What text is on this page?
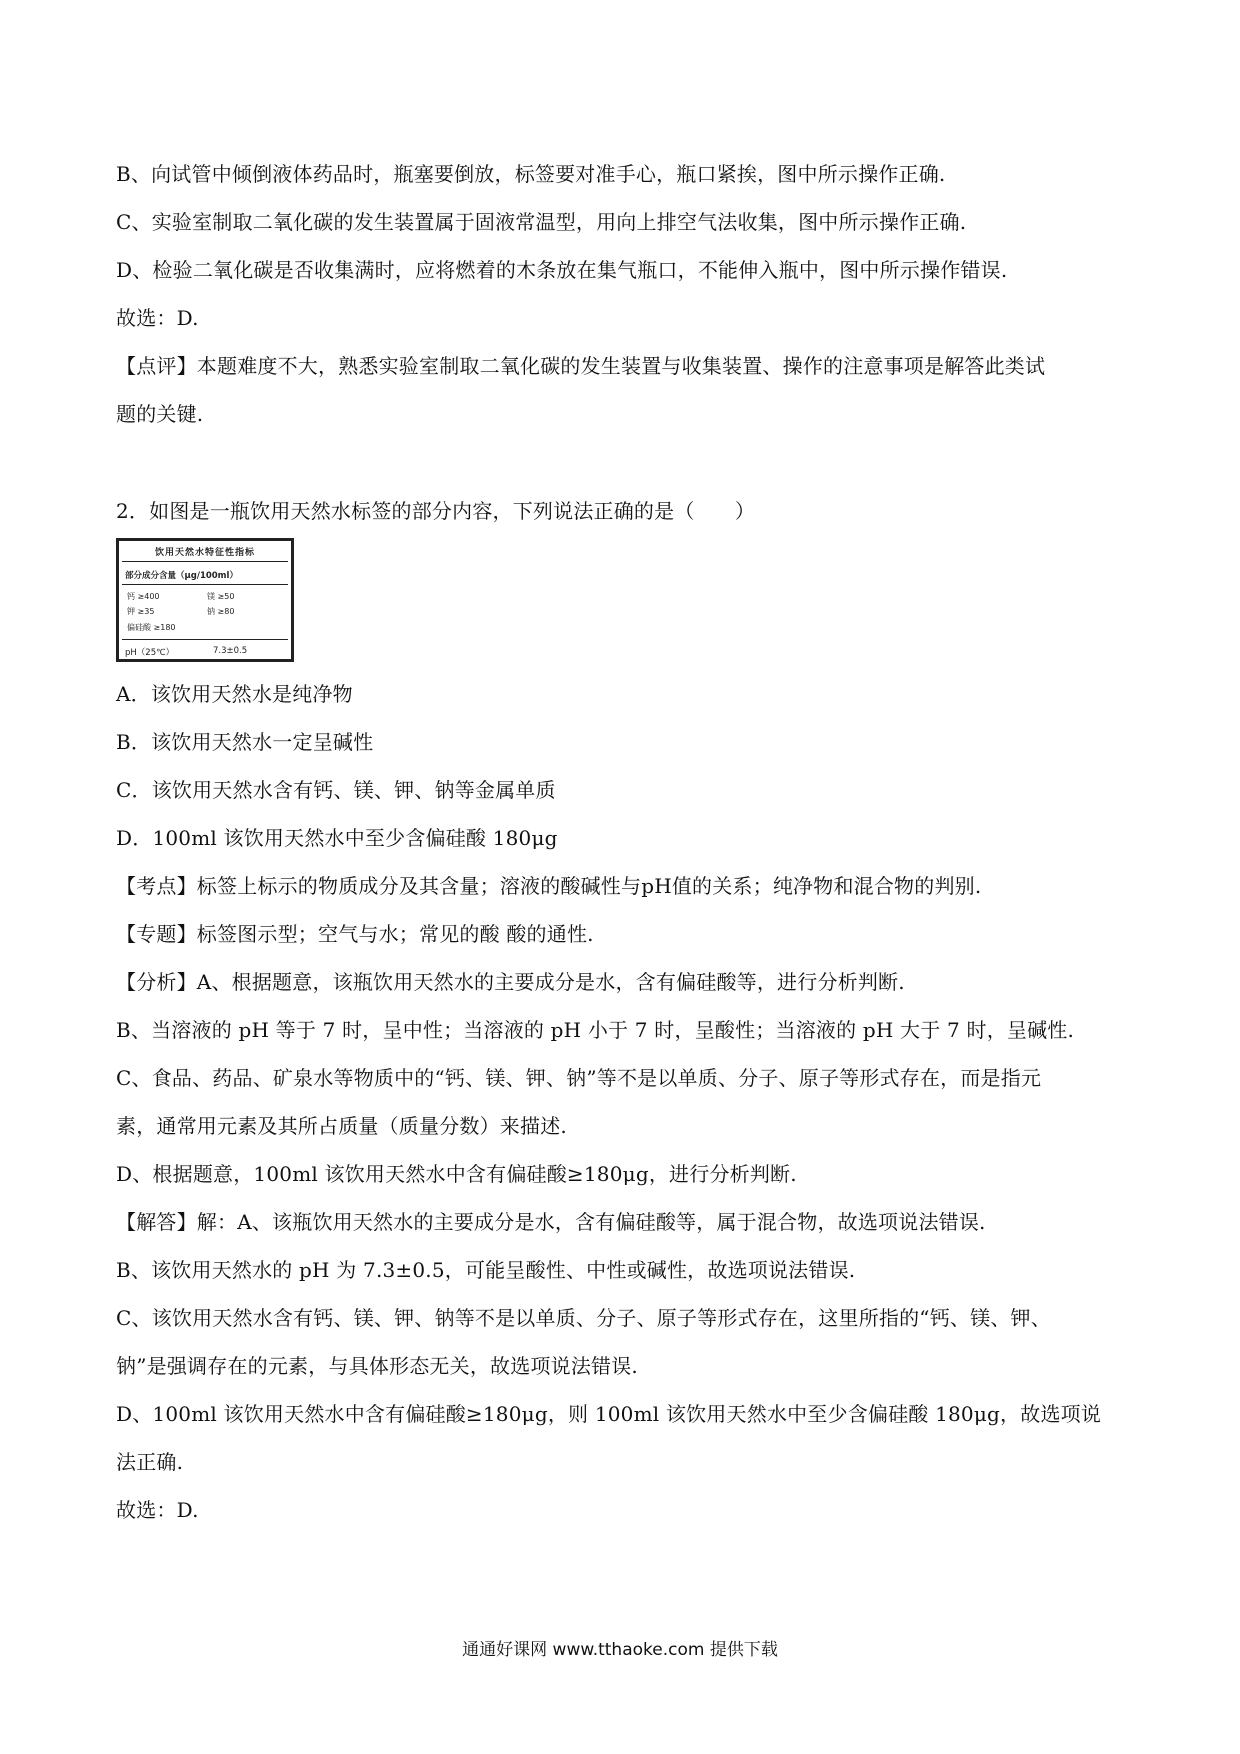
B、向试管中倾倒液体药品时，瓶塞要倒放，标签要对准手心，瓶口紧挨，图中所示操作正确.
C、实验室制取二氧化碳的发生装置属于固液常温型，用向上排空气法收集，图中所示操作正确.
D、检验二氧化碳是否收集满时，应将燃着的木条放在集气瓶口，不能伸入瓶中，图中所示操作错误.
故选：D.
【点评】本题难度不大，熟悉实验室制取二氧化碳的发生装置与收集装置、操作的注意事项是解答此类试
题的关键.
2．如图是一瓶饮用天然水标签的部分内容，下列说法正确的是（　　）
饮用天然水特征性指标
部分成分含量（μg/100ml）
钙 ≥400	镁 ≥50
钾 ≥35	钠 ≥80
偏硅酸 ≥180
pH（25℃）	7.3±0.5
A．该饮用天然水是纯净物
B．该饮用天然水一定呈碱性
C．该饮用天然水含有钙、镁、钾、钠等金属单质
D．100ml 该饮用天然水中至少含偏硅酸 180μg
【考点】标签上标示的物质成分及其含量；溶液的酸碱性与pH值的关系；纯净物和混合物的判别.
【专题】标签图示型；空气与水；常见的酸 酸的通性.
【分析】A、根据题意，该瓶饮用天然水的主要成分是水，含有偏硅酸等，进行分析判断.
B、当溶液的 pH 等于 7 时，呈中性；当溶液的 pH 小于 7 时，呈酸性；当溶液的 pH 大于 7 时，呈碱性.
C、食品、药品、矿泉水等物质中的“钙、镁、钾、钠”等不是以单质、分子、原子等形式存在，而是指元
素，通常用元素及其所占质量（质量分数）来描述.
D、根据题意，100ml 该饮用天然水中含有偏硅酸≥180μg，进行分析判断.
【解答】解：A、该瓶饮用天然水的主要成分是水，含有偏硅酸等，属于混合物，故选项说法错误.
B、该饮用天然水的 pH 为 7.3±0.5，可能呈酸性、中性或碱性，故选项说法错误.
C、该饮用天然水含有钙、镁、钾、钠等不是以单质、分子、原子等形式存在，这里所指的“钙、镁、钾、
钠”是强调存在的元素，与具体形态无关，故选项说法错误.
D、100ml 该饮用天然水中含有偏硅酸≥180μg，则 100ml 该饮用天然水中至少含偏硅酸 180μg，故选项说
法正确.
故选：D.
通通好课网 www.tthaoke.com 提供下载
